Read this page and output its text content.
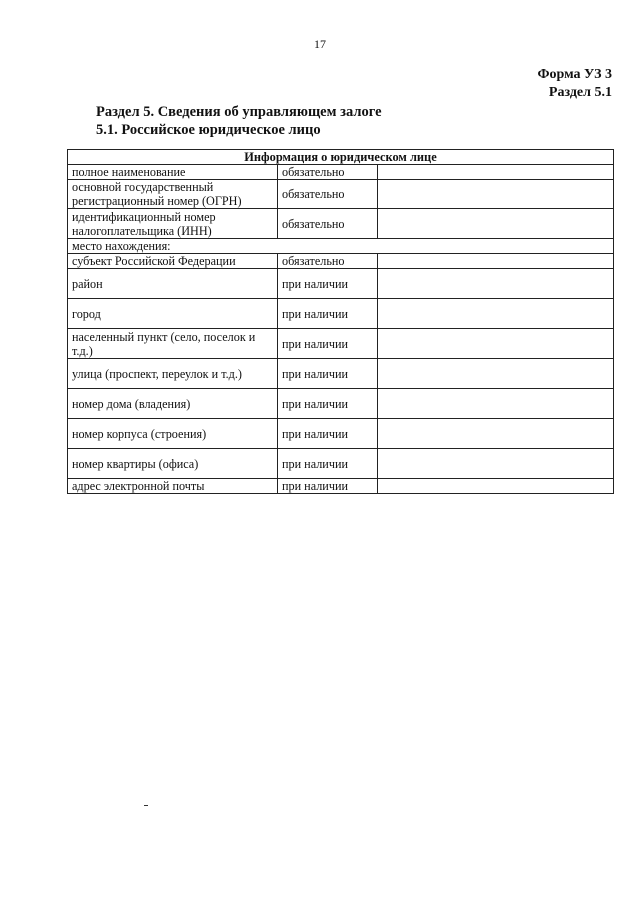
17
Форма УЗ 3
Раздел 5.1
Раздел 5. Сведения об управляющем залоге
5.1. Российское юридическое лицо
Информация о юридическом лице		
полное наименование	обязательно	
основной государственный регистрационный номер (ОГРН)	обязательно	
идентификационный номер налогоплательщика (ИНН)	обязательно	
место нахождения:		
субъект Российской Федерации	обязательно	
район	при наличии	
город	при наличии	
населенный пункт (село, поселок и т.д.)	при наличии	
улица (проспект, переулок и т.д.)	при наличии	
номер дома (владения)	при наличии	
номер корпуса (строения)	при наличии	
номер квартиры (офиса)	при наличии	
адрес электронной почты	при наличии	
